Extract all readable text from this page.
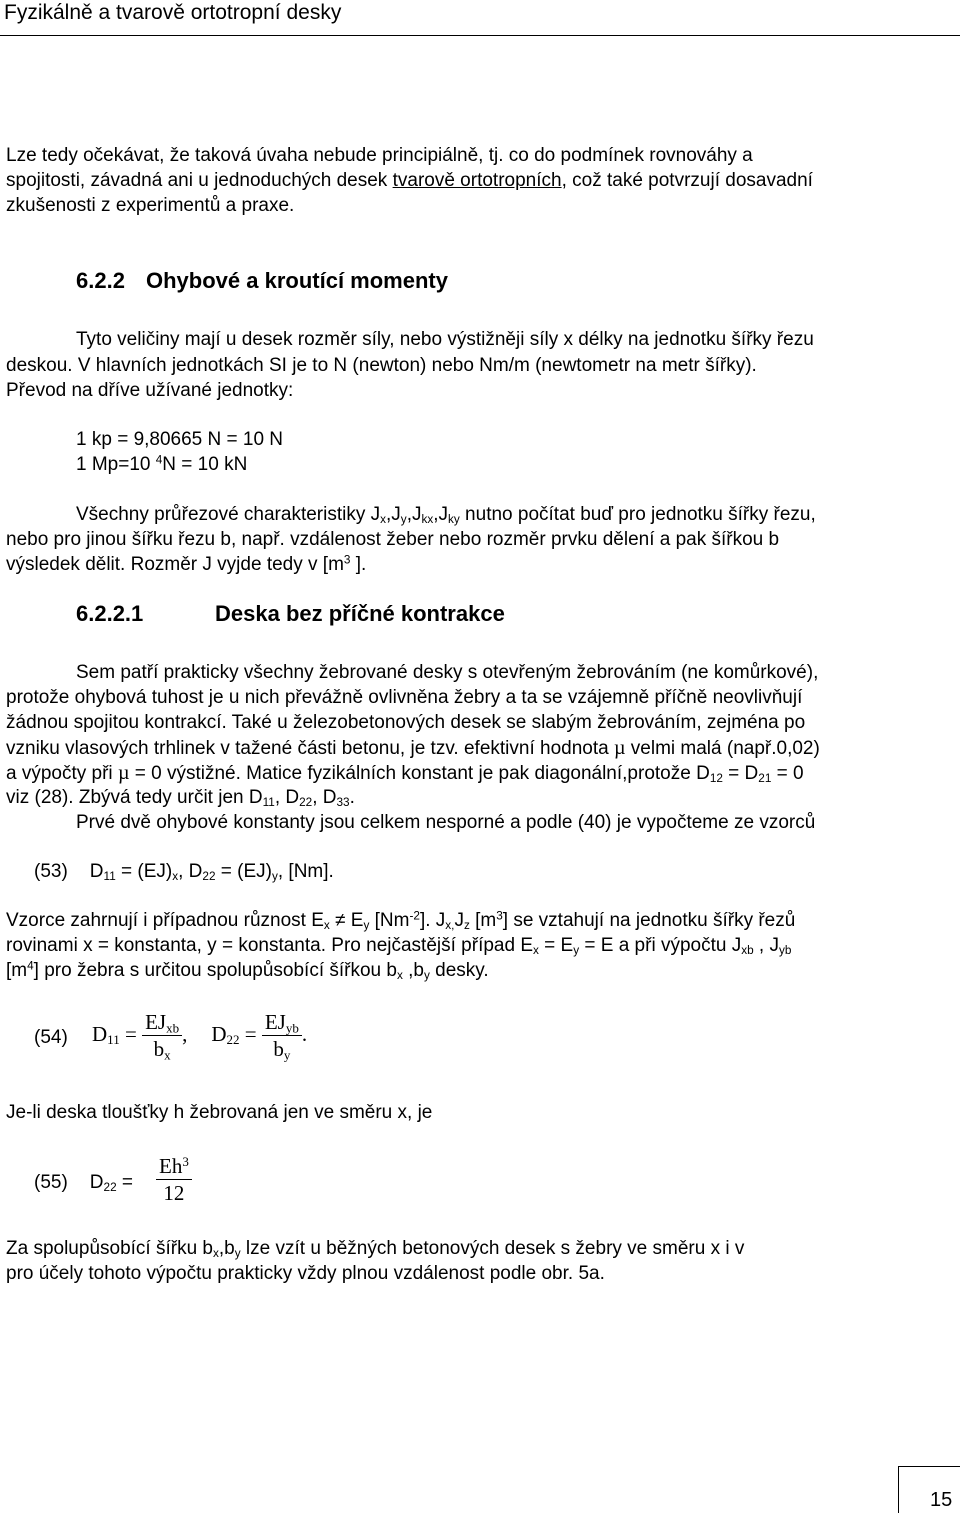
Fyzikálně a tvarově ortotropní desky
Lze tedy očekávat, že taková úvaha nebude principiálně, tj. co do podmínek rovnováhy a
spojitosti, závadná ani u jednoduchých desek tvarově ortotropních, což také potvrzují dosavadní
zkušenosti z experimentů a praxe.
6.2.2 Ohybové a kroutící momenty
Tyto veličiny mají u desek rozměr síly, nebo výstižněji síly x délky na jednotku šířky řezu
deskou. V hlavních jednotkách SI je to N (newton) nebo Nm/m (newtometr na metr šířky).
Převod na dříve užívané jednotky:
1 kp = 9,80665 N = 10 N
1 Mp=10 $^4$N = 10 kN
Všechny průřezové charakteristiky $J_x,J_y,J_{kx},J_{ky}$ nutno počítat buď pro jednotku šířky řezu,
nebo pro jinou šířku řezu b, např. vzdálenost žeber nebo rozměr prvku dělení a pak šířkou b
výsledek dělit. Rozměr J vyjde tedy v [$m^3$ ].
6.2.2.1	Deska bez příčné kontrakce
Sem patří prakticky všechny žebrované desky s otevřeným žebrováním (ne komůrkové),
protože ohybová tuhost je u nich převážně ovlivněna žebry a ta se vzájemně příčně neovlivňují
žádnou spojitou kontrakcí. Také u železobetonových desek se slabým žebrováním, zejména po
vzniku vlasových trhlinek v tažené části betonu, je tzv. efektivní hodnota µ velmi malá (např.0,02)
a výpočty při µ = 0 výstižné. Matice fyzikálních konstant je pak diagonální,protože $D_{12} = D_{21} = 0$
viz (28). Zbývá tedy určit jen $D_{11}$, $D_{22}$, $D_{33}$.
Prvé dvě ohybové konstanty jsou celkem nesporné a podle (40) je vypočteme ze vzorců
(53) $D_{11} = (EJ)_x$, $D_{22} = (EJ)_y$, [Nm].
Vzorce zahrnují i případnou různost $E_x \ne E_y$ $[Nm^{-2}]$. $J_{x,}J_z$ $[m^3]$ se vztahují na jednotku šířky řezů
rovinami x = konstanta, y = konstanta. Pro nejčastější případ $E_x = E_y = E$ a při výpočtu $J_{xb}$ , $J_{yb}$
$[m^4]$ pro žebra s určitou spolupůsobící šířkou $b_x$ $,b_y$ desky.
(54) $D_{11} = \frac{EJ_{xb}}{b_x}$ , $D_{22} = \frac{EJ_{yb}}{b_y}$ .
Je-li deska tloušťky h žebrovaná jen ve směru x, je
(55) $D_{22} = \frac{Eh^3}{12}$
Za spolupůsobící šířku $b_x,b_y$ lze vzít u běžných betonových desek s žebry ve směru x i v
pro účely tohoto výpočtu prakticky vždy plnou vzdálenost podle obr. 5a.
15
